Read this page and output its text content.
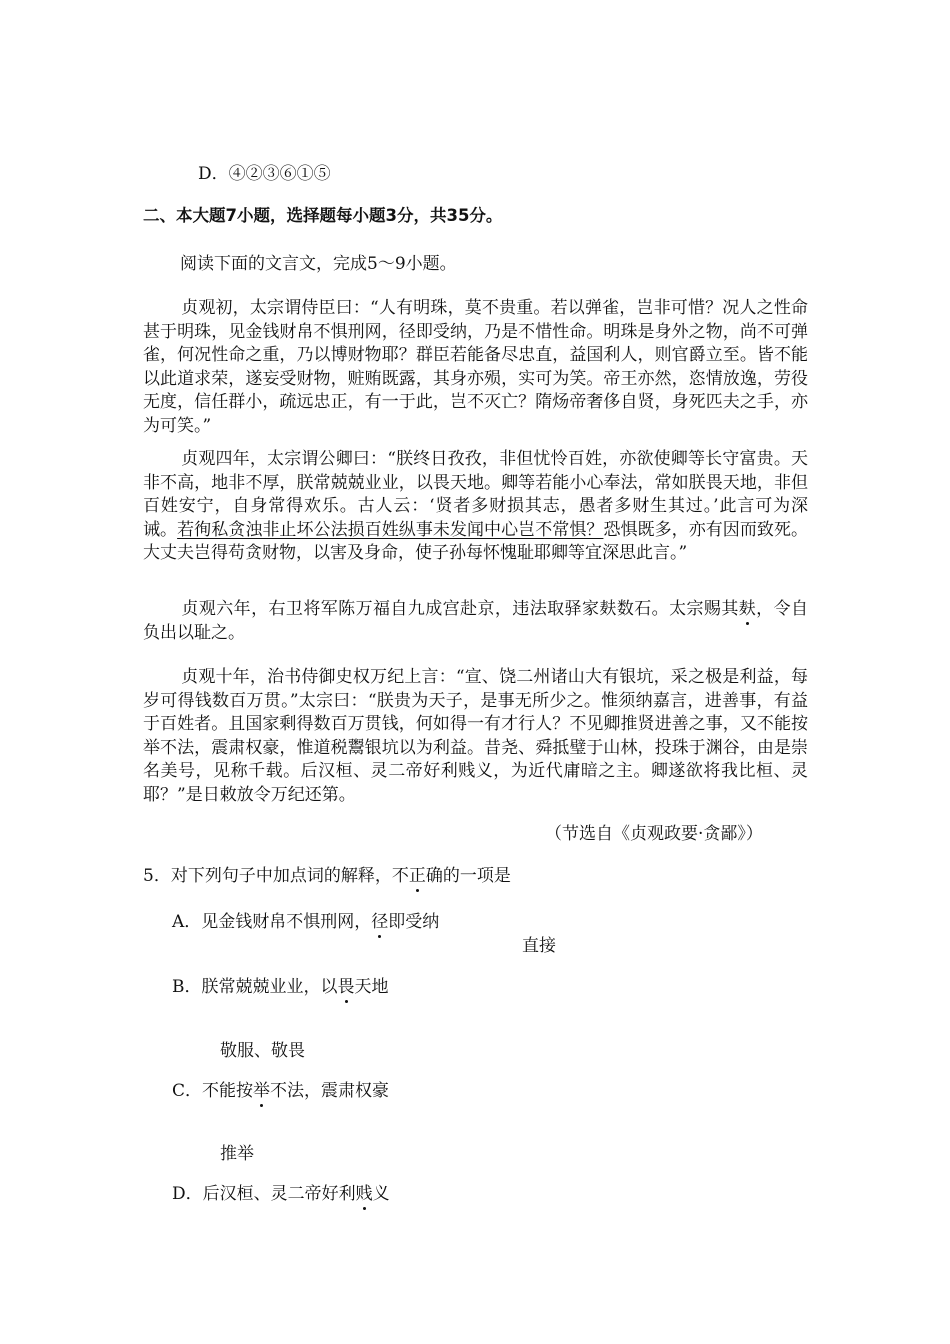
D．④②③⑥①⑤
二、本大题7小题，选择题每小题3分，共35分。
阅读下面的文言文，完成5～9小题。
贞观初，太宗谓侍臣曰：“人有明珠，莫不贵重。若以弹雀，岂非可惜？况人之性命甚于明珠，见金钱财帛不惧刑网，径即受纳，乃是不惜性命。明珠是身外之物，尚不可弹雀，何况性命之重，乃以博财物耶？群臣若能备尽忠直，益国利人，则官爵立至。皆不能以此道求荣，遂妄受财物，赃贿既露，其身亦殒，实可为笑。帝王亦然，恣情放逸，劳役无度，信任群小，疏远忠正，有一于此，岂不灭亡？隋炀帝奢侈自贤，身死匹夫之手，亦为可笑。”
贞观四年，太宗谓公卿曰：“朕终日孜孜，非但忧怜百姓，亦欲使卿等长守富贵。天非不高，地非不厚，朕常兢兢业业，以畏天地。卿等若能小心奉法，常如朕畏天地，非但百姓安宁，自身常得欢乐。古人云：‘贤者多财损其志，愚者多财生其过。’此言可为深诫。若徇私贪浊非止坏公法损百姓纵事未发闻中心岂不常惧？恐惧既多，亦有因而致死。大丈夫岂得苟贪财物，以害及身命，使子孙每怀愧耻耶卿等宜深思此言。”
贞观六年，右卫将军陈万福自九成宫赴京，违法取驿家麸数石。太宗赐其麸，令自负出以耻之。
贞观十年，治书侍御史权万纪上言：“宣、饶二州诸山大有银坑，采之极是利益，每岁可得钱数百万贯。”太宗曰：“朕贵为天子，是事无所少之。惟须纳嘉言，进善事，有益于百姓者。且国家剩得数百万贯钱，何如得一有才行人？不见卿推贤进善之事，又不能按举不法，震肃权豪，惟道税鬻银坑以为利益。昔尧、舜抵璧于山林，投珠于渊谷，由是崇名美号，见称千载。后汉桓、灵二帝好利贱义，为近代庸暗之主。卿遂欲将我比桓、灵耶？”是日敕放令万纪还第。
（节选自《贞观政要·贪鄙》）
5．对下列句子中加点词的解释，不正确的一项是
A．见金钱财帛不惧刑网，径即受纳
直接
B．朕常兢兢业业，以畏天地
敬服、敬畏
C．不能按举不法，震肃权豪
推举
D．后汉桓、灵二帝好利贱义
